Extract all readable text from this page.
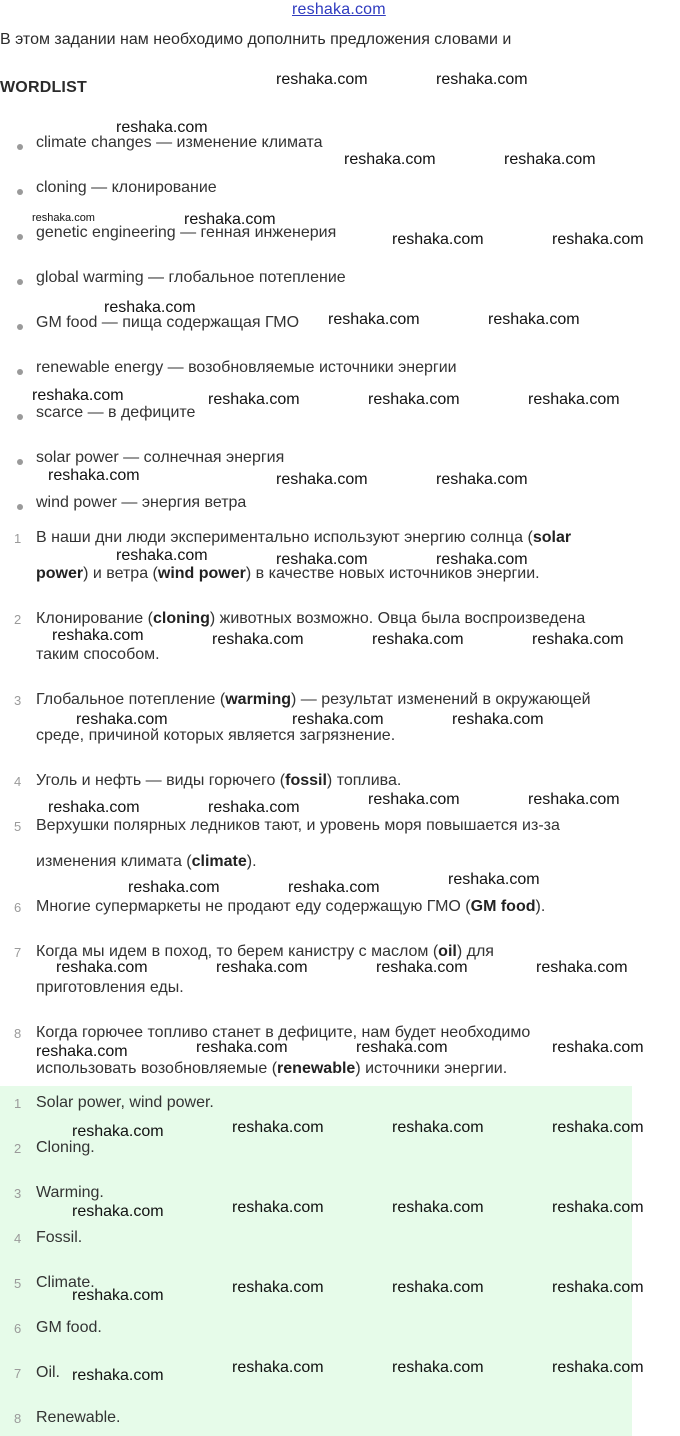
reshaka.com
В этом задании нам необходимо дополнить предложения словами и
WORDLIST
climate changes — изменение климата
cloning — клонирование
genetic engineering — генная инженерия
global warming — глобальное потепление
GM food — пища содержащая ГМО
renewable energy — возобновляемые источники энергии
scarce — в дефиците
solar power — солнечная энергия
wind power — энергия ветра
1 В наши дни люди экспериментально используют энергию солнца (solar
power) и ветра (wind power) в качестве новых источников энергии.
2 Клонирование (cloning) животных возможно. Овца была воспроизведена
таким способом.
3 Глобальное потепление (warming) — результат изменений в окружающей
среде, причиной которых является загрязнение.
4 Уголь и нефть — виды горючего (fossil) топлива.
5 Верхушки полярных ледников тают, и уровень моря повышается из-за
изменения климата (climate).
6 Многие супермаркеты не продают еду содержащую ГМО (GM food).
7 Когда мы идем в поход, то берем канистру с маслом (oil) для
приготовления еды.
8 Когда горючее топливо станет в дефиците, нам будет необходимо
использовать возобновляемые (renewable) источники энергии.
1 Solar power, wind power.
2 Cloning.
3 Warming.
4 Fossil.
5 Climate.
6 GM food.
7 Oil.
8 Renewable.
reshaka.com	reshaka.com
reshaka.com
reshaka.com	reshaka.com
reshaka.com
reshaka.com	reshaka.com
reshaka.com
reshaka.com	reshaka.com
reshaka.com	reshaka.com	reshaka.com	reshaka.com
reshaka.com	reshaka.com	reshaka.com
reshaka.com	reshaka.com	reshaka.com
reshaka.com	reshaka.com	reshaka.com	reshaka.com
reshaka.com	reshaka.com	reshaka.com
reshaka.com	reshaka.com
reshaka.com	reshaka.com
reshaka.com
reshaka.com	reshaka.com
reshaka.com	reshaka.com	reshaka.com	reshaka.com
reshaka.com	reshaka.com	reshaka.com
reshaka.com
reshaka.com	reshaka.com	reshaka.com
reshaka.com
reshaka.com	reshaka.com	reshaka.com
reshaka.com
reshaka.com	reshaka.com	reshaka.com
reshaka.com
reshaka.com	reshaka.com	reshaka.com
reshaka.com
reshaka.com
